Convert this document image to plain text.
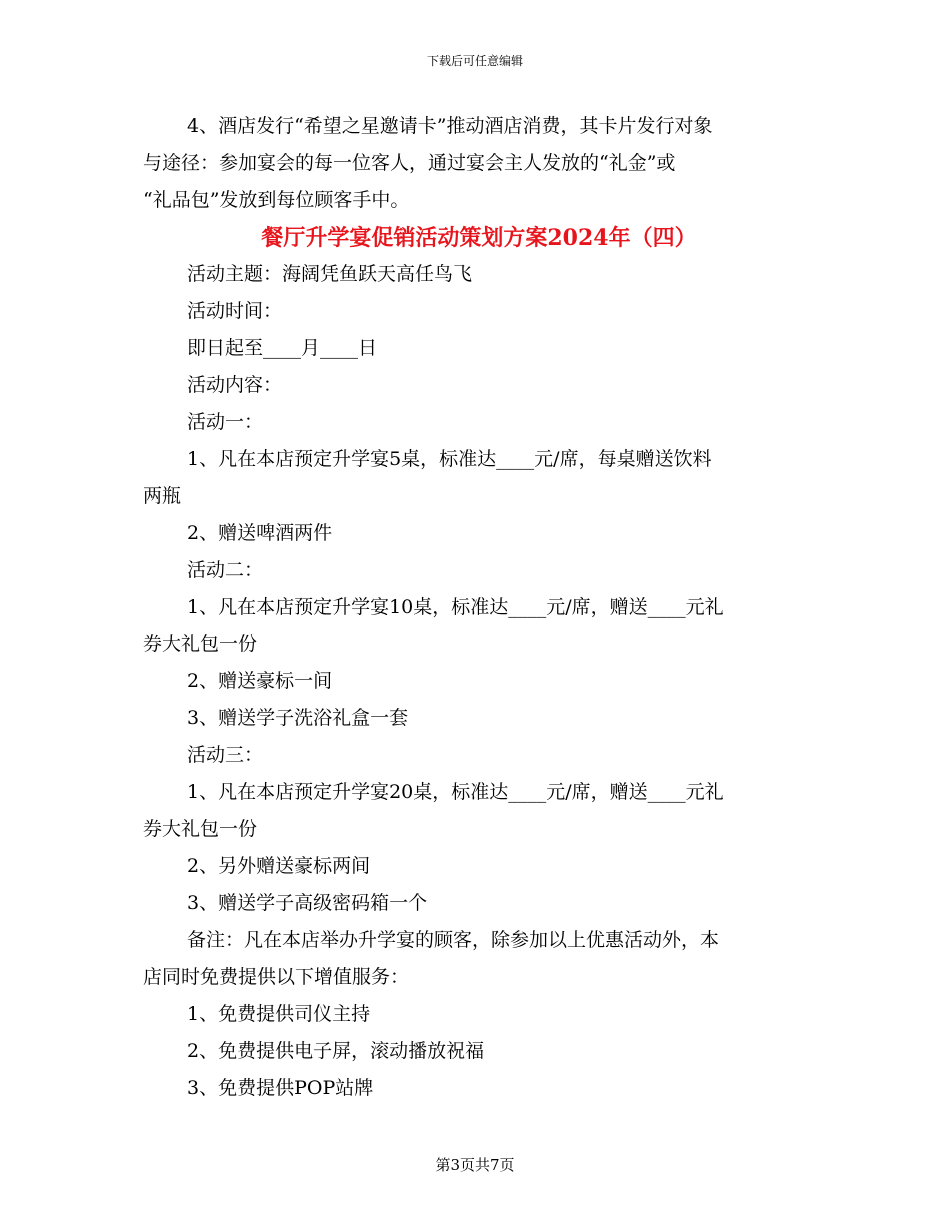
下载后可任意编辑
4、酒店发行“希望之星邀请卡”推动酒店消费，其卡片发行对象
与途径：参加宴会的每一位客人，通过宴会主人发放的“礼金”或
“礼品包”发放到每位顾客手中。
餐厅升学宴促销活动策划方案2024年（四）
活动主题：海阔凭鱼跃天高任鸟飞
活动时间：
即日起至____月____日
活动内容：
活动一：
1、凡在本店预定升学宴5桌，标准达____元/席，每桌赠送饮料
两瓶
2、赠送啤酒两件
活动二：
1、凡在本店预定升学宴10桌，标准达____元/席，赠送____元礼
券大礼包一份
2、赠送豪标一间
3、赠送学子洗浴礼盒一套
活动三：
1、凡在本店预定升学宴20桌，标准达____元/席，赠送____元礼
券大礼包一份
2、另外赠送豪标两间
3、赠送学子高级密码箱一个
备注：凡在本店举办升学宴的顾客，除参加以上优惠活动外，本
店同时免费提供以下增值服务：
1、免费提供司仪主持
2、免费提供电子屏，滚动播放祝福
3、免费提供POP站牌
第3页共7页
